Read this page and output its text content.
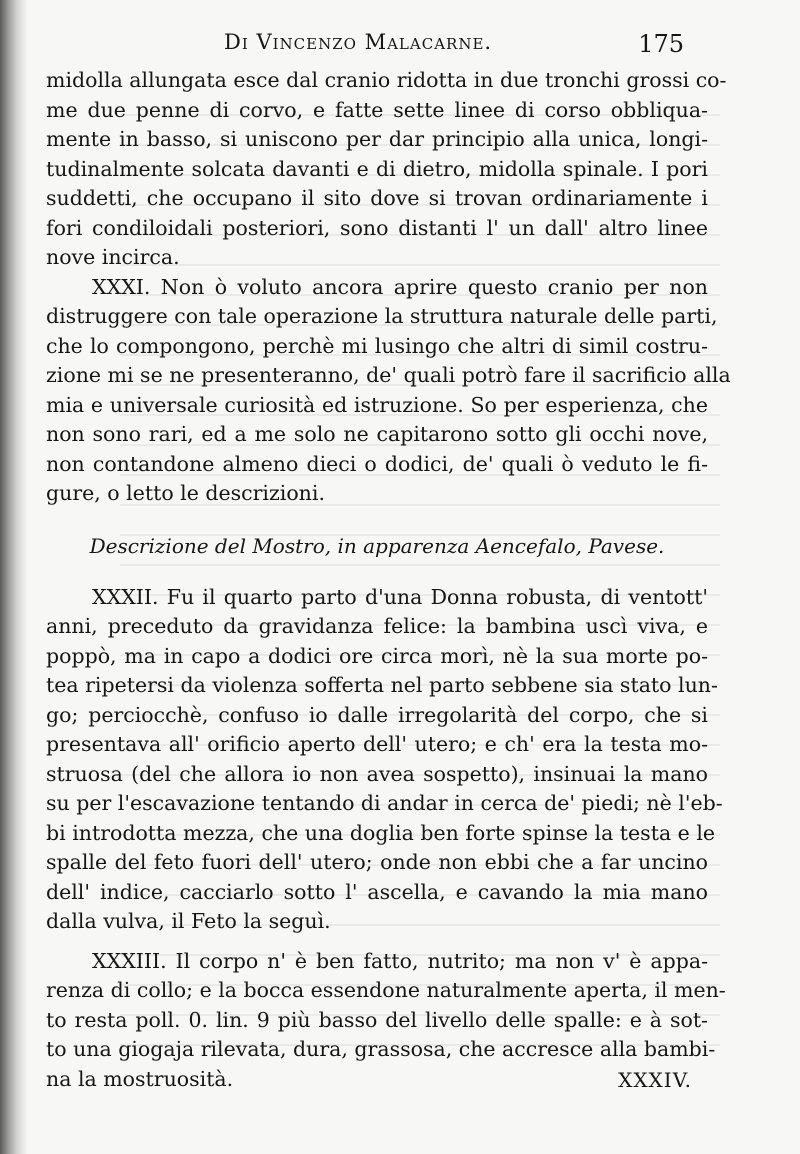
Di Vincenzo Malacarne.	175
midolla allungata esce dal cranio ridotta in due tronchi grossi co-
me due penne di corvo, e fatte sette linee di corso obbliqua-
mente in basso, si uniscono per dar principio alla unica, longi-
tudinalmente solcata davanti e di dietro, midolla spinale. I pori
suddetti, che occupano il sito dove si trovan ordinariamente i
fori condiloidali posteriori, sono distanti l' un dall' altro linee
nove incirca.
XXXI. Non ò voluto ancora aprire questo cranio per non
distruggere con tale operazione la struttura naturale delle parti,
che lo compongono, perchè mi lusingo che altri di simil costru-
zione mi se ne presenteranno, de' quali potrò fare il sacrificio alla
mia e universale curiosità ed istruzione. So per esperienza, che
non sono rari, ed a me solo ne capitarono sotto gli occhi nove,
non contandone almeno dieci o dodici, de' quali ò veduto le fi-
gure, o letto le descrizioni.
Descrizione del Mostro, in apparenza Aencefalo, Pavese.
XXXII. Fu il quarto parto d'una Donna robusta, di ventott'
anni, preceduto da gravidanza felice: la bambina uscì viva, e
poppò, ma in capo a dodici ore circa morì, nè la sua morte po-
tea ripetersi da violenza sofferta nel parto sebbene sia stato lun-
go; perciocchè, confuso io dalle irregolarità del corpo, che si
presentava all' orificio aperto dell' utero; e ch' era la testa mo-
struosa (del che allora io non avea sospetto), insinuai la mano
su per l'escavazione tentando di andar in cerca de' piedi; nè l'eb-
bi introdotta mezza, che una doglia ben forte spinse la testa e le
spalle del feto fuori dell' utero; onde non ebbi che a far uncino
dell' indice, cacciarlo sotto l' ascella, e cavando la mia mano
dalla vulva, il Feto la seguì.
XXXIII. Il corpo n' è ben fatto, nutrito; ma non v' è appa-
renza di collo; e la bocca essendone naturalmente aperta, il men-
to resta poll. 0. lin. 9 più basso del livello delle spalle: e à sot-
to una giogaja rilevata, dura, grassosa, che accresce alla bambi-
na la mostruosità.	XXXIV.
